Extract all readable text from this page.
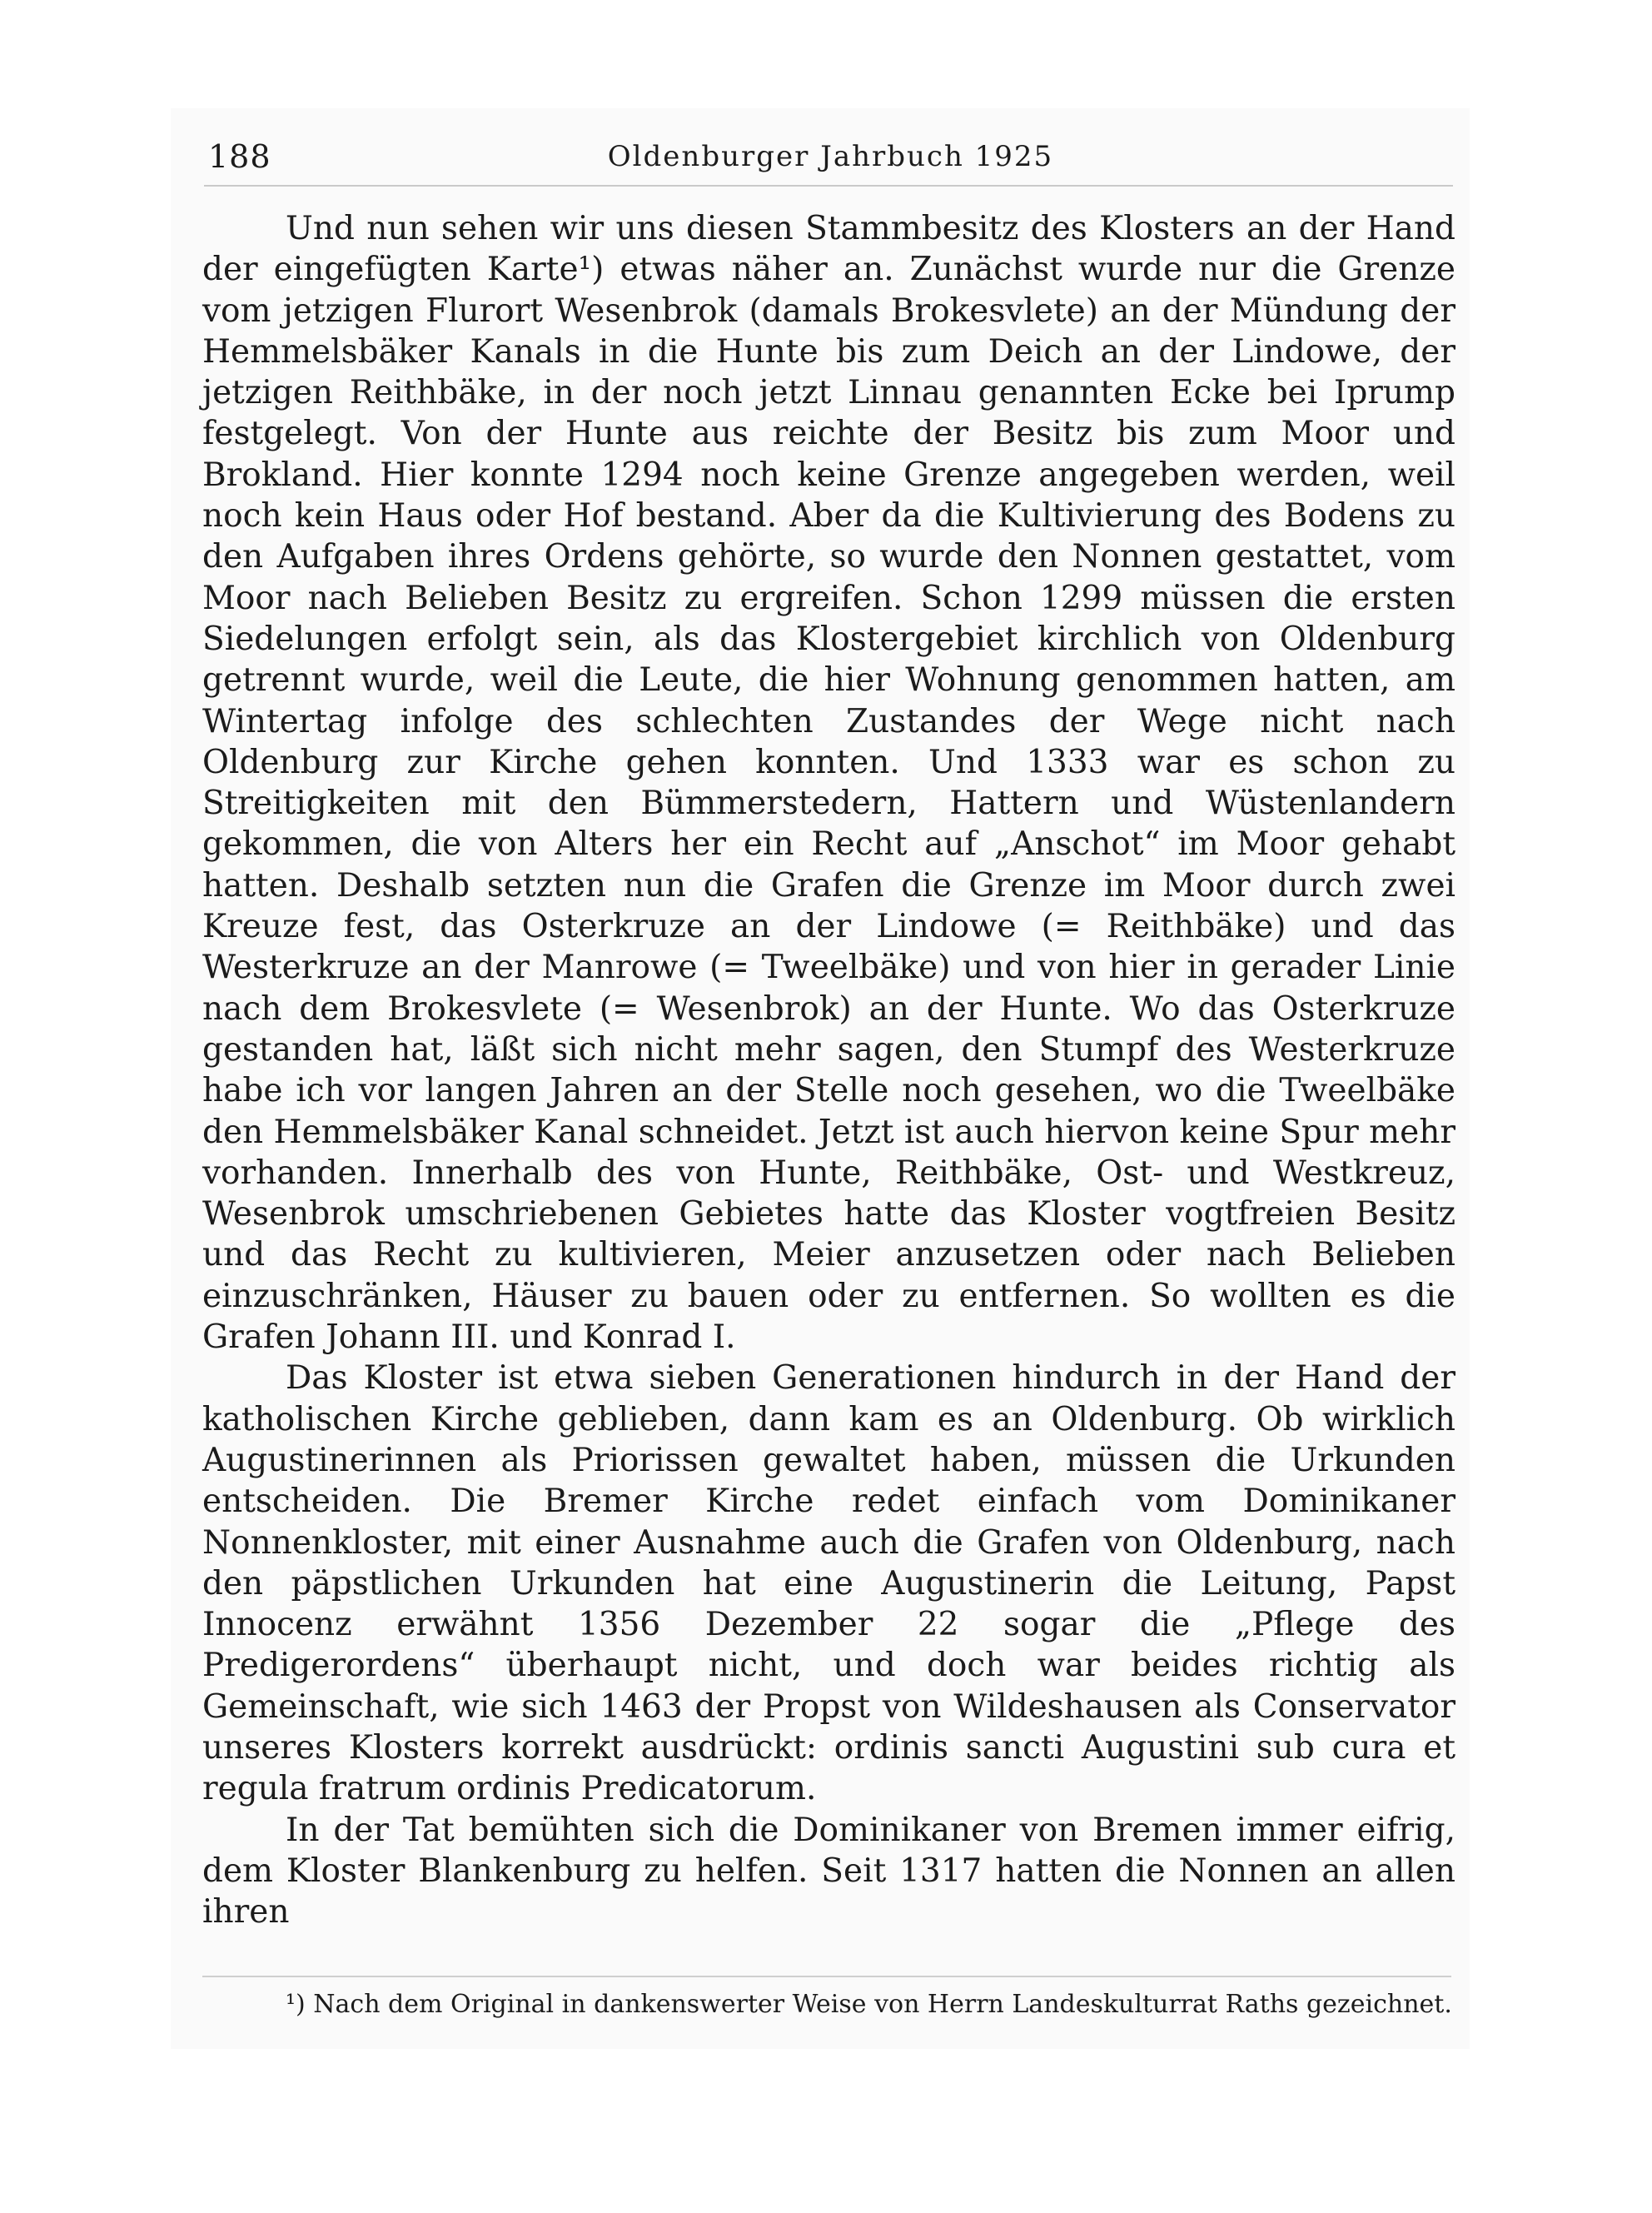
188	Oldenburger Jahrbuch 1925

Und nun sehen wir uns diesen Stammbesitz des Klosters an der Hand der eingefügten Karte¹) etwas näher an. Zunächst wurde nur die Grenze vom jetzigen Flurort Wesenbrok (damals Brokesvlete) an der Mündung der Hemmelsbäker Kanals in die Hunte bis zum Deich an der Lindowe, der jetzigen Reithbäke, in der noch jetzt Linnau genannten Ecke bei Iprump festgelegt. Von der Hunte aus reichte der Besitz bis zum Moor und Brokland. Hier konnte 1294 noch keine Grenze angegeben werden, weil noch kein Haus oder Hof bestand. Aber da die Kultivierung des Bodens zu den Aufgaben ihres Ordens gehörte, so wurde den Nonnen gestattet, vom Moor nach Belieben Besitz zu ergreifen. Schon 1299 müssen die ersten Siedelungen erfolgt sein, als das Klostergebiet kirchlich von Oldenburg getrennt wurde, weil die Leute, die hier Wohnung genommen hatten, am Wintertag infolge des schlechten Zustandes der Wege nicht nach Oldenburg zur Kirche gehen konnten. Und 1333 war es schon zu Streitigkeiten mit den Bümmerstedern, Hattern und Wüstenlandern gekommen, die von Alters her ein Recht auf „Anschot“ im Moor gehabt hatten. Deshalb setzten nun die Grafen die Grenze im Moor durch zwei Kreuze fest, das Osterkruze an der Lindowe (= Reithbäke) und das Westerkruze an der Manrowe (= Tweelbäke) und von hier in gerader Linie nach dem Brokesvlete (= Wesenbrok) an der Hunte. Wo das Osterkruze gestanden hat, läßt sich nicht mehr sagen, den Stumpf des Westerkruze habe ich vor langen Jahren an der Stelle noch gesehen, wo die Tweelbäke den Hemmelsbäker Kanal schneidet. Jetzt ist auch hiervon keine Spur mehr vorhanden. Innerhalb des von Hunte, Reithbäke, Ost- und Westkreuz, Wesenbrok umschriebenen Gebietes hatte das Kloster vogtfreien Besitz und das Recht zu kultivieren, Meier anzusetzen oder nach Belieben einzuschränken, Häuser zu bauen oder zu entfernen. So wollten es die Grafen Johann III. und Konrad I.

Das Kloster ist etwa sieben Generationen hindurch in der Hand der katholischen Kirche geblieben, dann kam es an Oldenburg. Ob wirklich Augustinerinnen als Priorissen gewaltet haben, müssen die Urkunden entscheiden. Die Bremer Kirche redet einfach vom Dominikaner Nonnenkloster, mit einer Ausnahme auch die Grafen von Oldenburg, nach den päpstlichen Urkunden hat eine Augustinerin die Leitung, Papst Innocenz erwähnt 1356 Dezember 22 sogar die „Pflege des Predigerordens“ überhaupt nicht, und doch war beides richtig als Gemeinschaft, wie sich 1463 der Propst von Wildeshausen als Conservator unseres Klosters korrekt ausdrückt: ordinis sancti Augustini sub cura et regula fratrum ordinis Predicatorum.

In der Tat bemühten sich die Dominikaner von Bremen immer eifrig, dem Kloster Blankenburg zu helfen. Seit 1317 hatten die Nonnen an allen ihren

¹) Nach dem Original in dankenswerter Weise von Herrn Landeskulturrat Raths gezeichnet.
